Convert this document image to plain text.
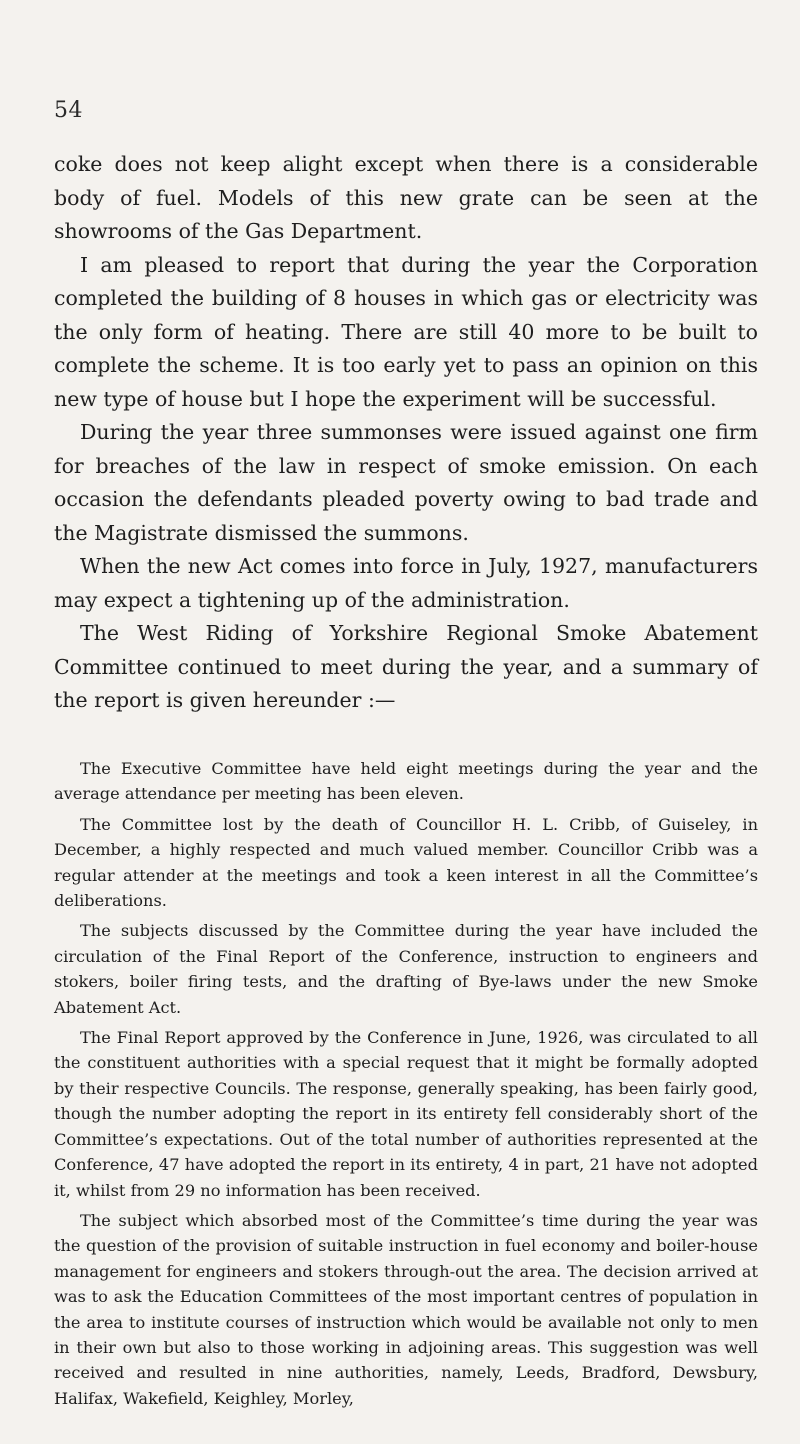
54

coke does not keep alight except when there is a considerable body of fuel. Models of this new grate can be seen at the showrooms of the Gas Department.

I am pleased to report that during the year the Corporation completed the building of 8 houses in which gas or electricity was the only form of heating. There are still 40 more to be built to complete the scheme. It is too early yet to pass an opinion on this new type of house but I hope the experiment will be successful.

During the year three summonses were issued against one firm for breaches of the law in respect of smoke emission. On each occasion the defendants pleaded poverty owing to bad trade and the Magistrate dismissed the summons.

When the new Act comes into force in July, 1927, manufacturers may expect a tightening up of the administration.

The West Riding of Yorkshire Regional Smoke Abatement Committee continued to meet during the year, and a summary of the report is given hereunder :—

The Executive Committee have held eight meetings during the year and the average attendance per meeting has been eleven.

The Committee lost by the death of Councillor H. L. Cribb, of Guiseley, in December, a highly respected and much valued member. Councillor Cribb was a regular attender at the meetings and took a keen interest in all the Committee’s deliberations.

The subjects discussed by the Committee during the year have included the circulation of the Final Report of the Conference, instruction to engineers and stokers, boiler firing tests, and the drafting of Bye-laws under the new Smoke Abatement Act.

The Final Report approved by the Conference in June, 1926, was circulated to all the constituent authorities with a special request that it might be formally adopted by their respective Councils. The response, generally speaking, has been fairly good, though the number adopting the report in its entirety fell considerably short of the Committee’s expectations. Out of the total number of authorities represented at the Conference, 47 have adopted the report in its entirety, 4 in part, 21 have not adopted it, whilst from 29 no information has been received.

The subject which absorbed most of the Committee’s time during the year was the question of the provision of suitable instruction in fuel economy and boiler-house management for engineers and stokers through-out the area. The decision arrived at was to ask the Education Committees of the most important centres of population in the area to institute courses of instruction which would be available not only to men in their own but also to those working in adjoining areas. This suggestion was well received and resulted in nine authorities, namely, Leeds, Bradford, Dewsbury, Halifax, Wakefield, Keighley, Morley,
